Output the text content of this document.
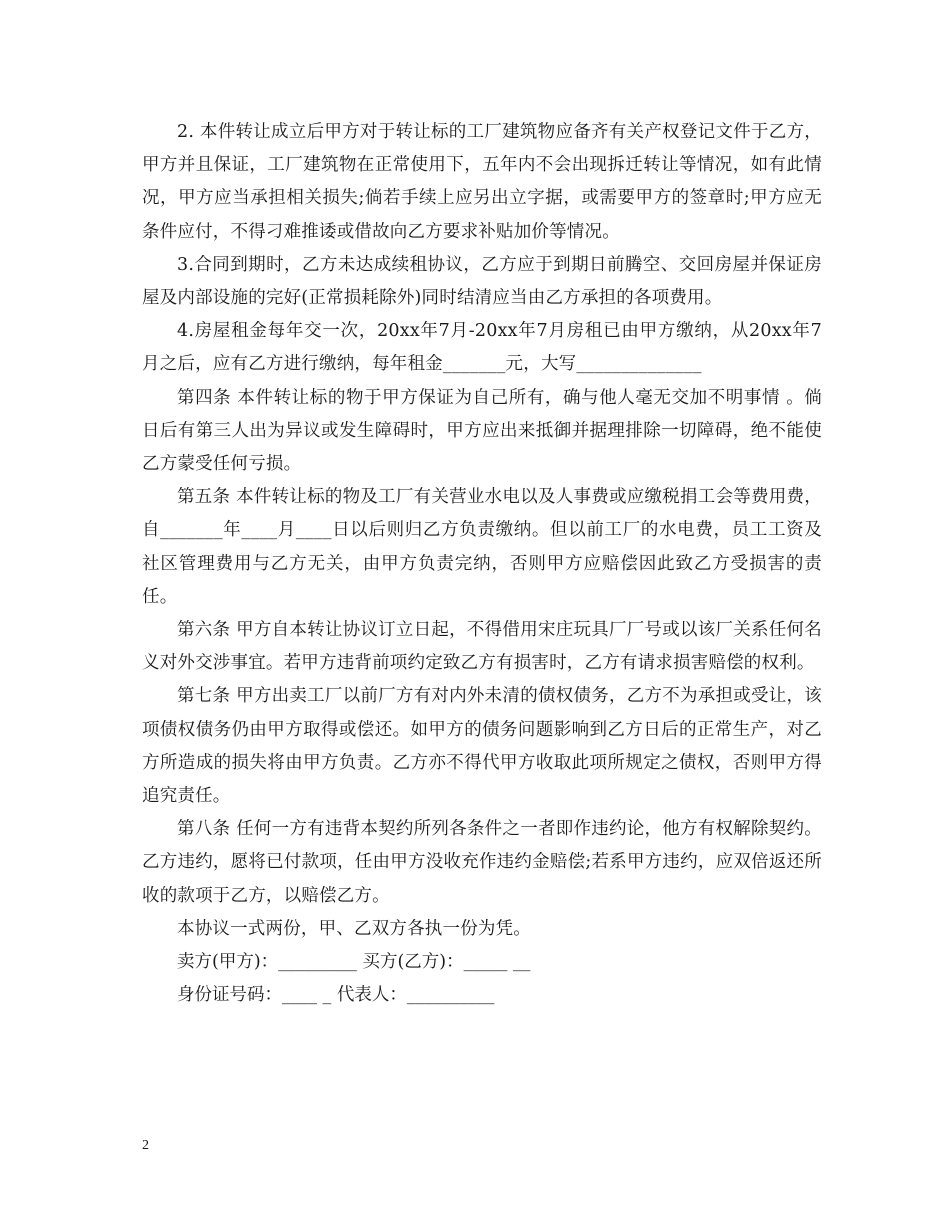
2. 本件转让成立后甲方对于转让标的工厂建筑物应备齐有关产权登记文件于乙方，甲方并且保证，工厂建筑物在正常使用下，五年内不会出现拆迁转让等情况，如有此情况，甲方应当承担相关损失;倘若手续上应另出立字据，或需要甲方的签章时;甲方应无条件应付，不得刁难推诿或借故向乙方要求补贴加价等情况。

3.合同到期时，乙方未达成续租协议，乙方应于到期日前腾空、交回房屋并保证房屋及内部设施的完好(正常损耗除外)同时结清应当由乙方承担的各项费用。

4.房屋租金每年交一次，20xx年7月-20xx年7月房租已由甲方缴纳，从20xx年7月之后，应有乙方进行缴纳，每年租金_______元，大写______________

第四条 本件转让标的物于甲方保证为自己所有，确与他人毫无交加不明事情 。倘日后有第三人出为异议或发生障碍时，甲方应出来抵御并据理排除一切障碍，绝不能使乙方蒙受任何亏损。

第五条 本件转让标的物及工厂有关营业水电以及人事费或应缴税捐工会等费用费，自_______年____月____日以后则归乙方负责缴纳。但以前工厂的水电费，员工工资及社区管理费用与乙方无关，由甲方负责完纳，否则甲方应赔偿因此致乙方受损害的责任。

第六条 甲方自本转让协议订立日起，不得借用宋庄玩具厂厂号或以该厂关系任何名义对外交涉事宜。若甲方违背前项约定致乙方有损害时，乙方有请求损害赔偿的权利。

第七条 甲方出卖工厂以前厂方有对内外未清的债权债务，乙方不为承担或受让，该项债权债务仍由甲方取得或偿还。如甲方的债务问题影响到乙方日后的正常生产，对乙方所造成的损失将由甲方负责。乙方亦不得代甲方收取此项所规定之债权，否则甲方得追究责任。

第八条 任何一方有违背本契约所列各条件之一者即作违约论，他方有权解除契约。乙方违约，愿将已付款项，任由甲方没收充作违约金赔偿;若系甲方违约，应双倍返还所收的款项于乙方，以赔偿乙方。

本协议一式两份，甲、乙双方各执一份为凭。

卖方(甲方)：_________ 买方(乙方)：_____ __

身份证号码：____ _ 代表人：__________

2
